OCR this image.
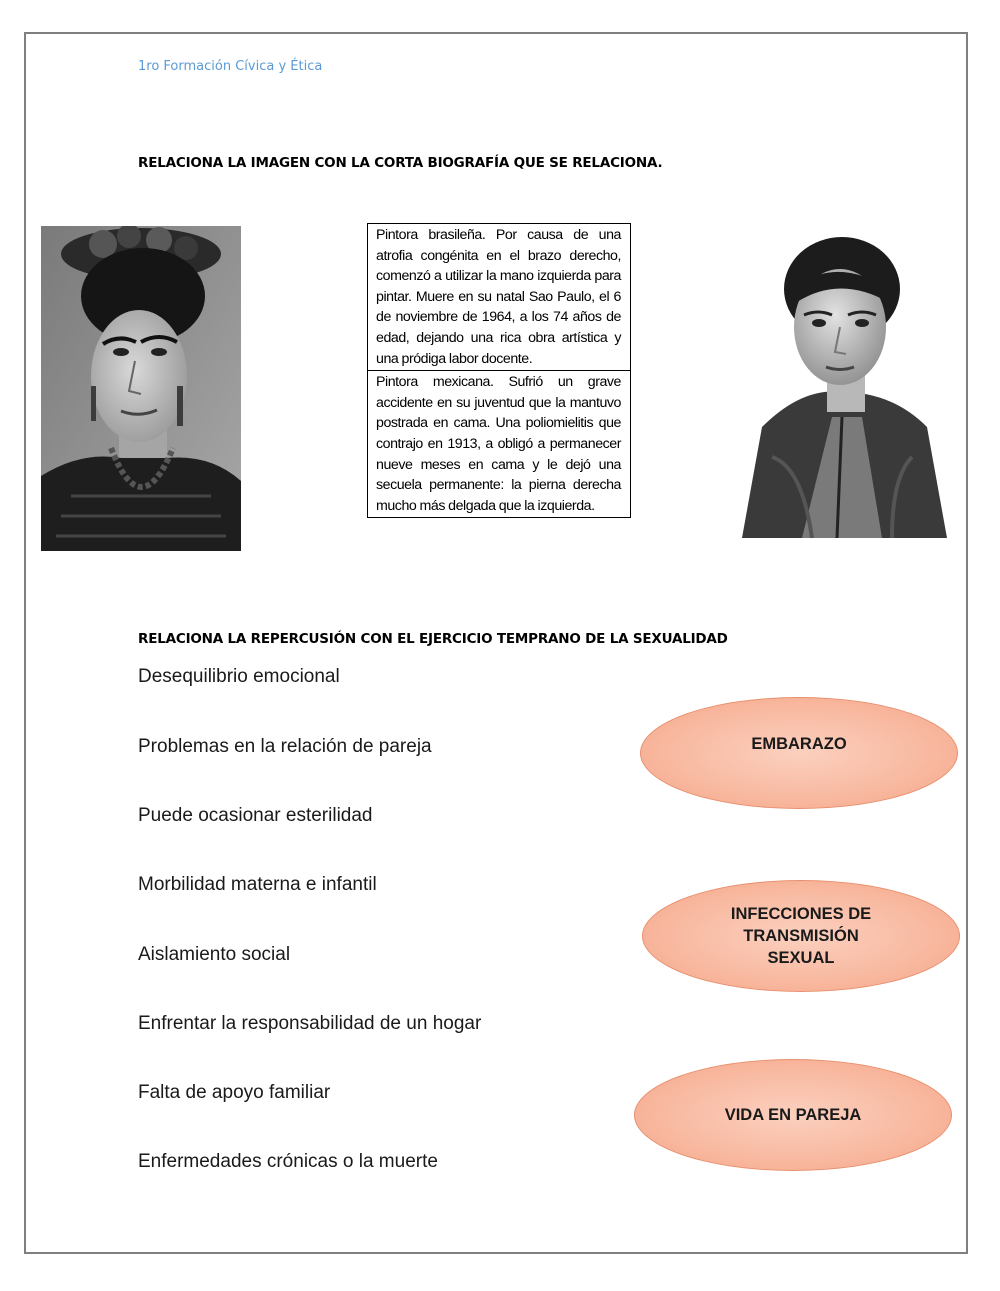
1ro Formación Cívica y Ética
RELACIONA LA IMAGEN CON LA CORTA BIOGRAFÍA QUE SE RELACIONA.
Pintora brasileña. Por causa de una atrofia congénita en el brazo derecho, comenzó a utilizar la mano izquierda para pintar. Muere en su natal Sao Paulo, el 6 de noviembre de 1964, a los 74 años de edad, dejando una rica obra artística y una pródiga labor docente.
Pintora mexicana. Sufrió un grave accidente en su juventud que la mantuvo postrada en cama. Una poliomielitis que contrajo en 1913, a obligó a permanecer nueve meses en cama y le dejó una secuela permanente: la pierna derecha mucho más delgada que la izquierda.
RELACIONA LA REPERCUSIÓN CON EL EJERCICIO TEMPRANO DE LA SEXUALIDAD
Desequilibrio emocional
Problemas en la relación de pareja
Puede ocasionar esterilidad
Morbilidad materna e infantil
Aislamiento social
Enfrentar la responsabilidad de un hogar
Falta de apoyo familiar
Enfermedades crónicas o la muerte
EMBARAZO
INFECCIONES DE
TRANSMISIÓN
SEXUAL
VIDA EN PAREJA
